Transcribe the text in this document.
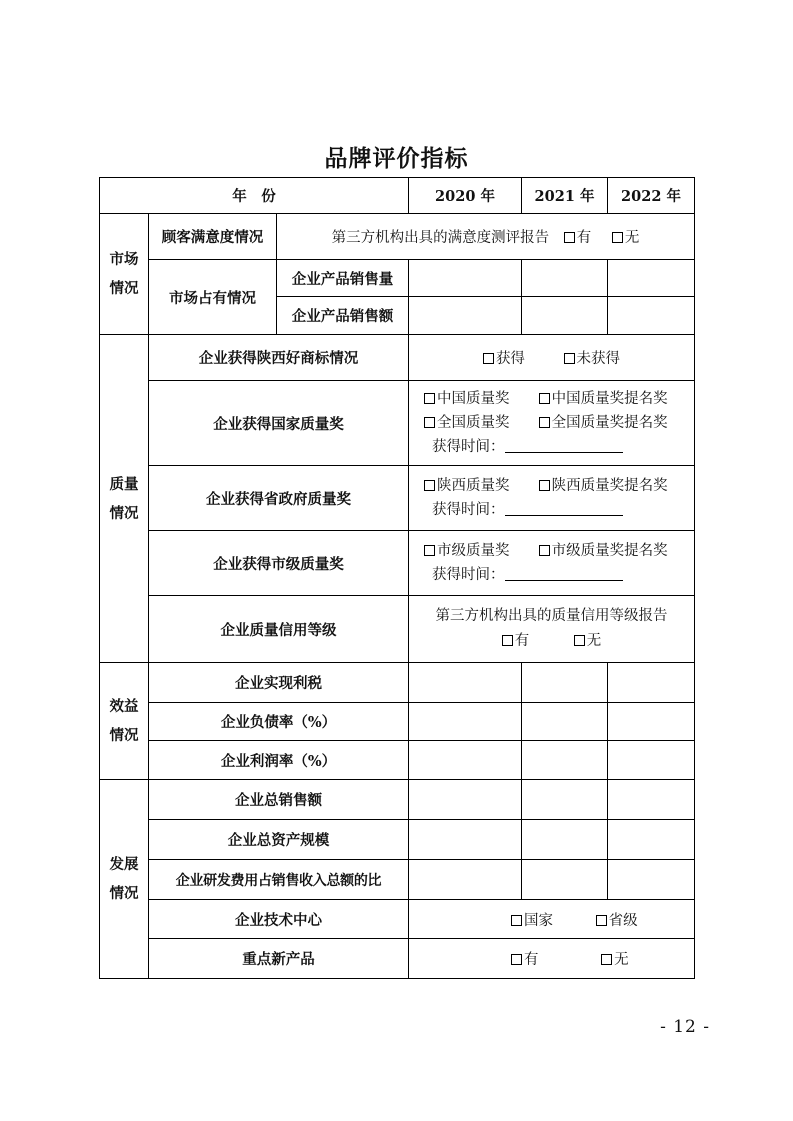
品牌评价指标
年　份			2020 年	2021 年	2022 年
市场情况	顾客满意度情况	第三方机构出具的满意度测评报告 有 无			
	市场占有情况	企业产品销售量			
		企业产品销售额			
质量情况	企业获得陕西好商标情况		获得 未获得		
	企业获得国家质量奖		中国质量奖 中国质量奖提名奖
全国质量奖 全国质量奖提名奖
获得时间：		

	企业获得省政府质量奖		陕西质量奖 陕西质量奖提名奖
获得时间：		

	企业获得市级质量奖		市级质量奖 市级质量奖提名奖
获得时间：		

	企业质量信用等级		第三方机构出具的质量信用等级报告
有 无		

效益情况	企业实现利税				
	企业负债率（%）				
	企业利润率（%）				
发展情况	企业总销售额				
	企业总资产规模				
	企业研发费用占销售收入总额的比				
	企业技术中心		国家 省级		
	重点新产品		有 无		
- 12 -
